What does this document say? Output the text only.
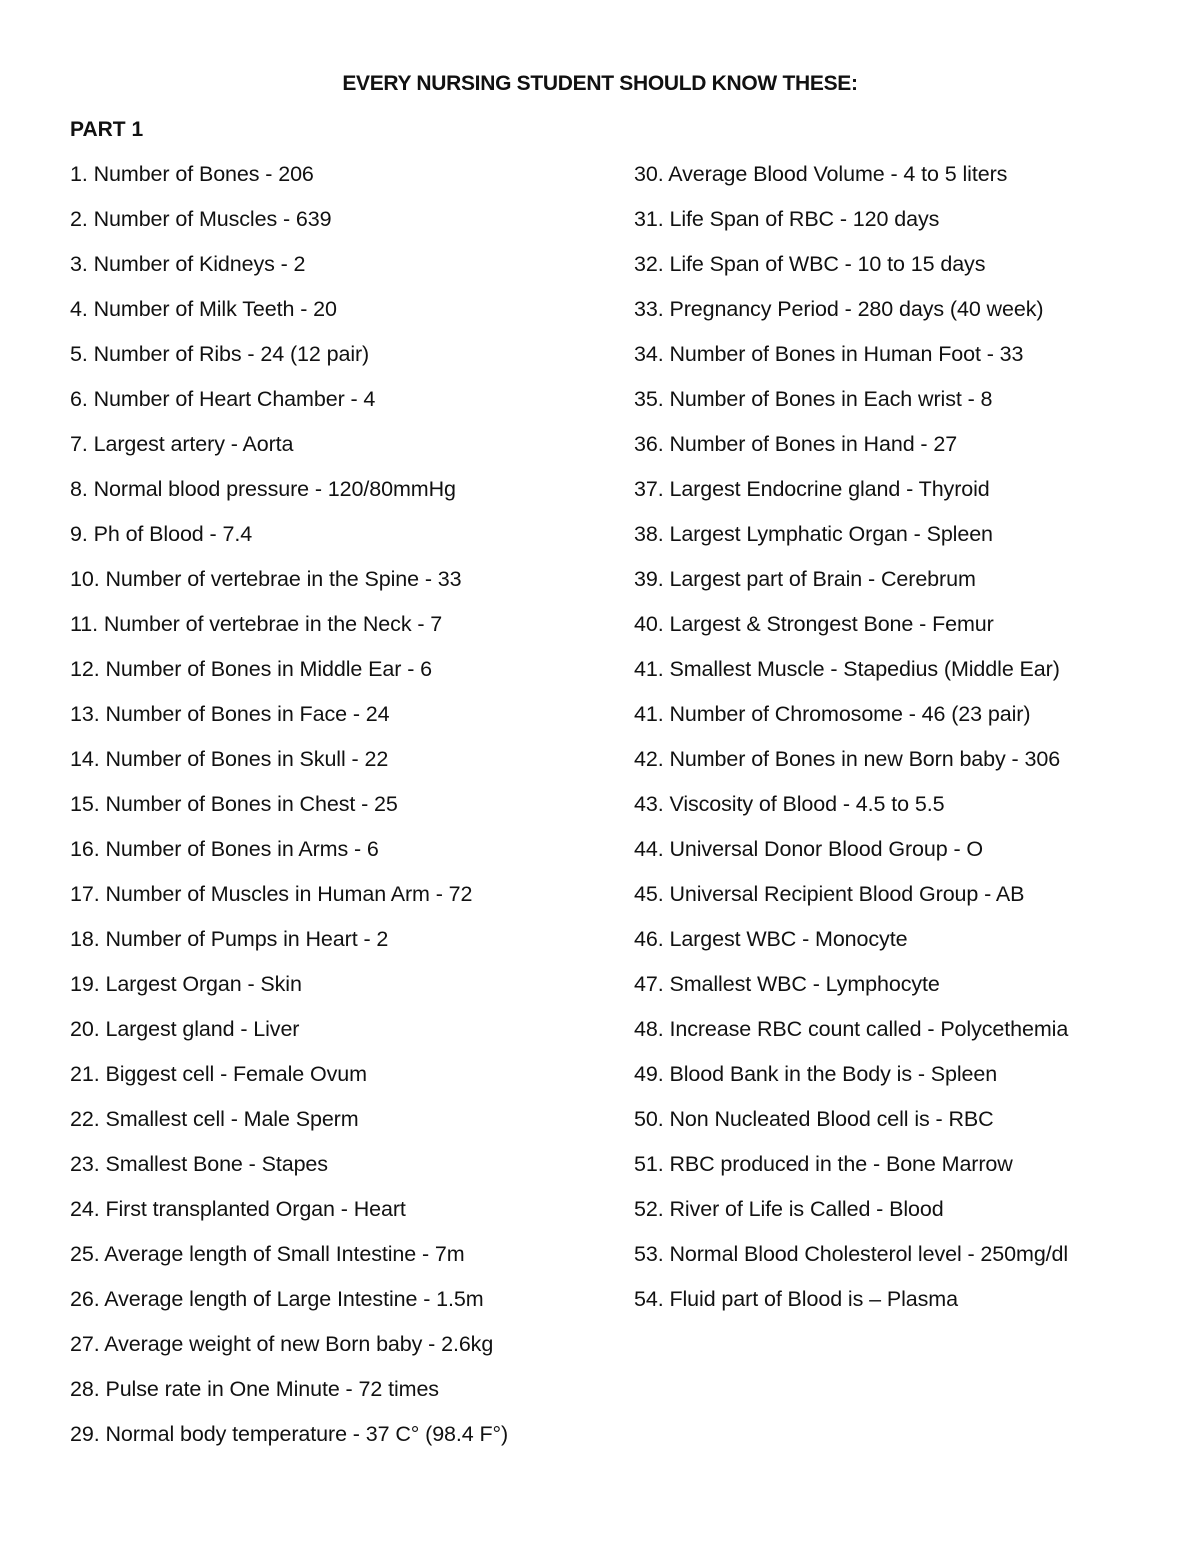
EVERY NURSING STUDENT SHOULD KNOW THESE:
PART 1
1. Number of Bones - 206
2. Number of Muscles - 639
3. Number of Kidneys - 2
4. Number of Milk Teeth - 20
5. Number of Ribs - 24 (12 pair)
6. Number of Heart Chamber - 4
7. Largest artery - Aorta
8. Normal blood pressure - 120/80mmHg
9. Ph of Blood - 7.4
10. Number of vertebrae in the Spine - 33
11. Number of vertebrae in the Neck - 7
12. Number of Bones in Middle Ear - 6
13. Number of Bones in Face - 24
14. Number of Bones in Skull - 22
15. Number of Bones in Chest - 25
16. Number of Bones in Arms - 6
17. Number of Muscles in Human Arm - 72
18. Number of Pumps in Heart - 2
19. Largest Organ - Skin
20. Largest gland - Liver
21. Biggest cell - Female Ovum
22. Smallest cell - Male Sperm
23. Smallest Bone - Stapes
24. First transplanted Organ - Heart
25. Average length of Small Intestine - 7m
26. Average length of Large Intestine - 1.5m
27. Average weight of new Born baby - 2.6kg
28. Pulse rate in One Minute - 72 times
29. Normal body temperature - 37 C° (98.4 F°)
30. Average Blood Volume - 4 to 5 liters
31. Life Span of RBC - 120 days
32. Life Span of WBC - 10 to 15 days
33. Pregnancy Period - 280 days (40 week)
34. Number of Bones in Human Foot - 33
35. Number of Bones in Each wrist - 8
36. Number of Bones in Hand - 27
37. Largest Endocrine gland - Thyroid
38. Largest Lymphatic Organ - Spleen
39. Largest part of Brain - Cerebrum
40. Largest & Strongest Bone - Femur
41. Smallest Muscle - Stapedius (Middle Ear)
41. Number of Chromosome - 46 (23 pair)
42. Number of Bones in new Born baby - 306
43. Viscosity of Blood - 4.5 to 5.5
44. Universal Donor Blood Group - O
45. Universal Recipient Blood Group - AB
46. Largest WBC - Monocyte
47. Smallest WBC - Lymphocyte
48. Increase RBC count called - Polycethemia
49. Blood Bank in the Body is - Spleen
50. Non Nucleated Blood cell is - RBC
51. RBC produced in the - Bone Marrow
52. River of Life is Called - Blood
53. Normal Blood Cholesterol level - 250mg/dl
54. Fluid part of Blood is – Plasma
